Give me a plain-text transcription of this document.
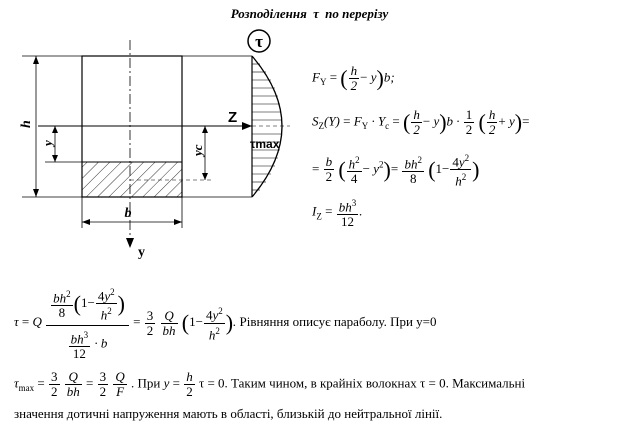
Розподілення τ по перерізу
τ
Z
h
y
yc
b
y
τmax
$F_Y$ = ( $\frac{h}{2} - y)b$;
$S_Z(Y) = F_Y \cdot Y_c$ = ( $\frac{h}{2} - y)b \cdot \frac{1}{2}$ ( $\frac{h}{2} + y)=$
= $\frac{b}{2}$ ( $\frac{h^2}{4} - y^2)= \frac{bh^2}{8} (1- \frac{4y^2}{h^2}$ )
$I_Z = \frac{bh^3}{12}$ .
τ = Q $\frac{\frac{bh^2}{8} (1- \frac{4y^2}{h^2} )}{\frac{bh^3}{12} \cdot b} = \frac{3}{2}$
$\frac{Q}{bh} (1- \frac{4y^2}{h^2}$ ). Рівняння описує параболу. При y=0
$\tau_{max} = \frac{3}{2}$
$\frac{Q}{bh} = \frac{3}{2}$
$\frac{Q}{F}$ . При $y = \frac{h}{2}$ τ = 0. Таким чином, в крайніх волокнах τ = 0. Максимальні
значення дотичні напруження мають в області, близькій до нейтральної лінії.
